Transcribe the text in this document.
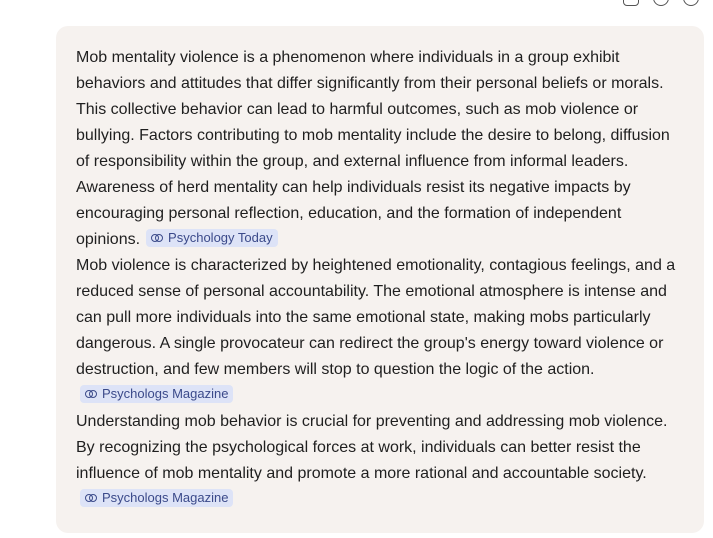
Mob mentality violence is a phenomenon where individuals in a group exhibit behaviors and attitudes that differ significantly from their personal beliefs or morals. This collective behavior can lead to harmful outcomes, such as mob violence or bullying. Factors contributing to mob mentality include the desire to belong, diffusion of responsibility within the group, and external influence from informal leaders. Awareness of herd mentality can help individuals resist its negative impacts by encouraging personal reflection, education, and the formation of independent opinions. Psychology Today

Mob violence is characterized by heightened emotionality, contagious feelings, and a reduced sense of personal accountability. The emotional atmosphere is intense and can pull more individuals into the same emotional state, making mobs particularly dangerous. A single provocateur can redirect the group's energy toward violence or destruction, and few members will stop to question the logic of the action.

Psychologs Magazine

Understanding mob behavior is crucial for preventing and addressing mob violence. By recognizing the psychological forces at work, individuals can better resist the influence of mob mentality and promote a more rational and accountable society.

Psychologs Magazine
